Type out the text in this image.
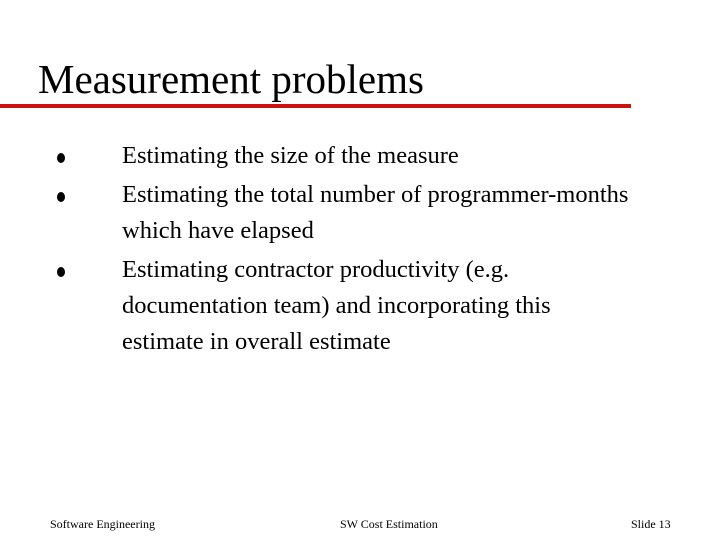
Measurement problems
Estimating the size of the measure
Estimating the total number of programmer-months which have elapsed
Estimating contractor productivity (e.g. documentation team) and incorporating this estimate in overall estimate
Software Engineering	SW Cost Estimation	Slide 13
